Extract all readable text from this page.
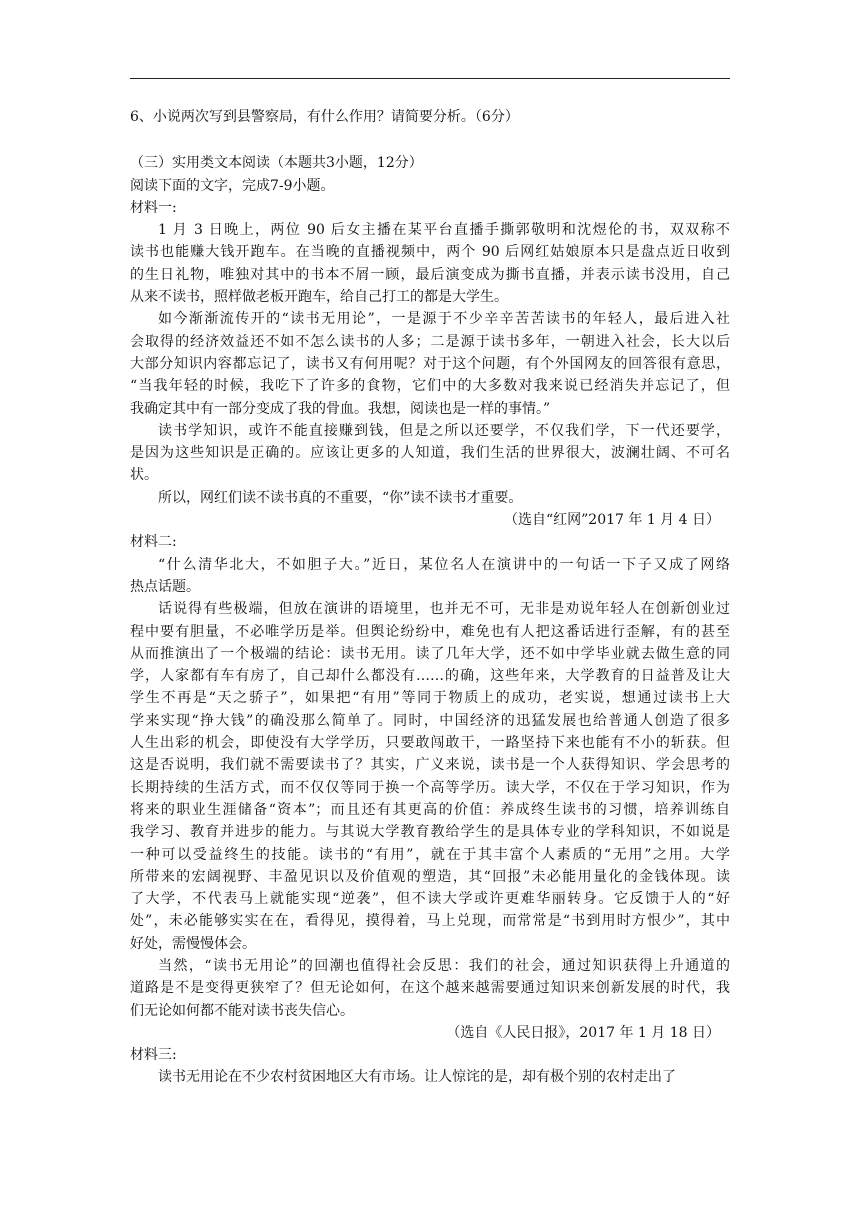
6、小说两次写到县警察局，有什么作用？请简要分析。（6分）
（三）实用类文本阅读（本题共3小题，12分）
阅读下面的文字，完成7-9小题。
材料一:
1 月 3 日晚上，两位 90 后女主播在某平台直播手撕郭敬明和沈煜伦的书，双双称不
读书也能赚大钱开跑车。在当晚的直播视频中，两个 90 后网红姑娘原本只是盘点近日收到
的生日礼物，唯独对其中的书本不屑一顾，最后演变成为撕书直播，并表示读书没用，自己
从来不读书，照样做老板开跑车，给自己打工的都是大学生。
如今渐渐流传开的“读书无用论”，一是源于不少辛辛苦苦读书的年轻人，最后进入社
会取得的经济效益还不如不怎么读书的人多；二是源于读书多年，一朝进入社会，长大以后
大部分知识内容都忘记了，读书又有何用呢？对于这个问题，有个外国网友的回答很有意思，
“当我年轻的时候，我吃下了许多的食物，它们中的大多数对我来说已经消失并忘记了，但
我确定其中有一部分变成了我的骨血。我想，阅读也是一样的事情。”
读书学知识，或许不能直接赚到钱，但是之所以还要学，不仅我们学，下一代还要学，
是因为这些知识是正确的。应该让更多的人知道，我们生活的世界很大，波澜壮阔、不可名
状。
所以，网红们读不读书真的不重要，“你”读不读书才重要。
（选自“红网”2017 年 1 月 4 日）
材料二:
“什么清华北大，不如胆子大。”近日，某位名人在演讲中的一句话一下子又成了网络
热点话题。
话说得有些极端，但放在演讲的语境里，也并无不可，无非是劝说年轻人在创新创业过
程中要有胆量，不必唯学历是举。但舆论纷纷中，难免也有人把这番话进行歪解，有的甚至
从而推演出了一个极端的结论：读书无用。读了几年大学，还不如中学毕业就去做生意的同
学，人家都有车有房了，自己却什么都没有……的确，这些年来，大学教育的日益普及让大
学生不再是“天之骄子”，如果把“有用”等同于物质上的成功，老实说，想通过读书上大
学来实现“挣大钱”的确没那么简单了。同时，中国经济的迅猛发展也给普通人创造了很多
人生出彩的机会，即使没有大学学历，只要敢闯敢干，一路坚持下来也能有不小的斩获。但
这是否说明，我们就不需要读书了？其实，广义来说，读书是一个人获得知识、学会思考的
长期持续的生活方式，而不仅仅等同于换一个高等学历。读大学，不仅在于学习知识，作为
将来的职业生涯储备“资本”；而且还有其更高的价值：养成终生读书的习惯，培养训练自
我学习、教育并进步的能力。与其说大学教育教给学生的是具体专业的学科知识，不如说是
一种可以受益终生的技能。读书的“有用”，就在于其丰富个人素质的“无用”之用。大学
所带来的宏阔视野、丰盈见识以及价值观的塑造，其“回报”未必能用量化的金钱体现。读
了大学，不代表马上就能实现“逆袭”，但不读大学或许更难华丽转身。它反馈于人的“好
处”，未必能够实实在在，看得见，摸得着，马上兑现，而常常是“书到用时方恨少”，其中
好处，需慢慢体会。
当然，“读书无用论”的回潮也值得社会反思：我们的社会，通过知识获得上升通道的
道路是不是变得更狭窄了？但无论如何，在这个越来越需要通过知识来创新发展的时代，我
们无论如何都不能对读书丧失信心。
（选自《人民日报》，2017 年 1 月 18 日）
材料三:
读书无用论在不少农村贫困地区大有市场。让人惊诧的是，却有极个别的农村走出了
